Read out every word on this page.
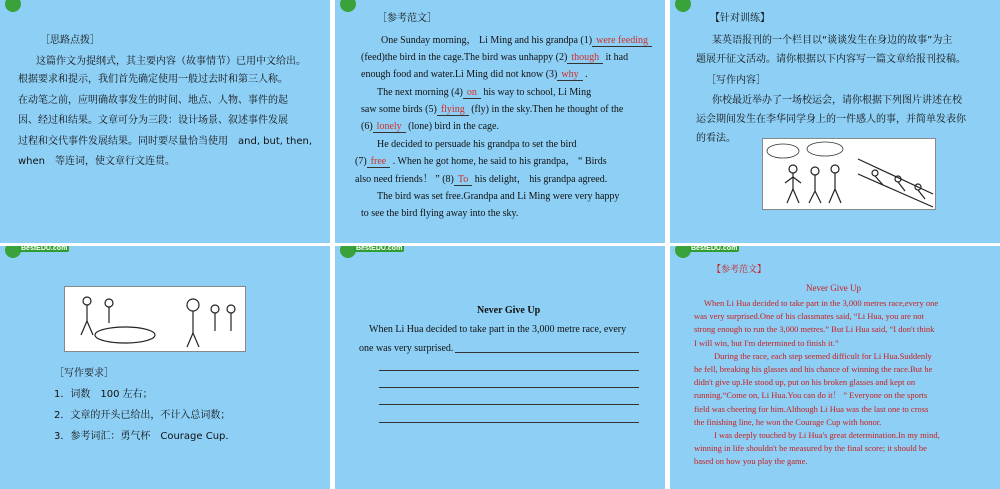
［思路点拨］
这篇作文为提纲式，其主要内容（故事情节）已用中文给出。
根据要求和提示，我们首先确定使用一般过去时和第三人称。
在动笔之前，应明确故事发生的时间、地点、人物、事件的起
因、经过和结果。文章可分为三段：设计场景、叙述事件发展
过程和交代事件发展结果。同时要尽量恰当使用　and, but, then,
when　等连词，使文章行文连贯。
［参考范文］
One Sunday morning， Li Ming and his grandpa (1) were feeding
(feed)the bird in the cage.The bird was unhappy (2) though it had
enough food and water.Li Ming did not know (3) why .
The next morning (4) on his way to school, Li Ming
saw some birds (5) flying (fly) in the sky.Then he thought of the
(6) lonely (lone) bird in the cage.
He decided to persuade his grandpa to set the bird
(7) free . When he got home, he said to his grandpa， “ Birds
also need friends！ ” (8) To his delight， his grandpa agreed.
The bird was set free.Grandpa and Li Ming were very happy
to see the bird flying away into the sky.
【针对训练】
某英语报刊的一个栏目以“谈谈发生在身边的故事”为主
题展开征文活动。请你根据以下内容写一篇文章给报刊投稿。
［写作内容］
你校最近举办了一场校运会，请你根据下列图片讲述在校
运会期间发生在李华同学身上的一件感人的事，并简单发表你
的看法。
BestEDU.com
［写作要求］
1．词数　100 左右；
2．文章的开头已给出，不计入总词数；
3．参考词汇：勇气杯　Courage Cup．
BestEDU.com
Never Give Up
When Li Hua decided to take part in the 3,000 metre race, every
one was very surprised.
BestEDU.com
【参考范文】
Never Give Up
When Li Hua decided to take part in the 3,000 metres race,every one
was very surprised.One of his classmates said, “Li Hua, you are not
strong enough to run the 3,000 metres.” But Li Hua said, “I don't think
I will win, but I'm determined to finish it.”
During the race, each step seemed difficult for Li Hua.Suddenly
he fell, breaking his glasses and his chance of winning the race.But he
didn't give up.He stood up, put on his broken glasses and kept on
running.“Come on, Li Hua.You can do it！ ” Everyone on the sports
field was cheering for him.Although Li Hua was the last one to cross
the finishing line, he won the Courage Cup with honor.
I was deeply touched by Li Hua's great determination.In my mind,
winning in life shouldn't be measured by the final score; it should be
based on how you play the game.
